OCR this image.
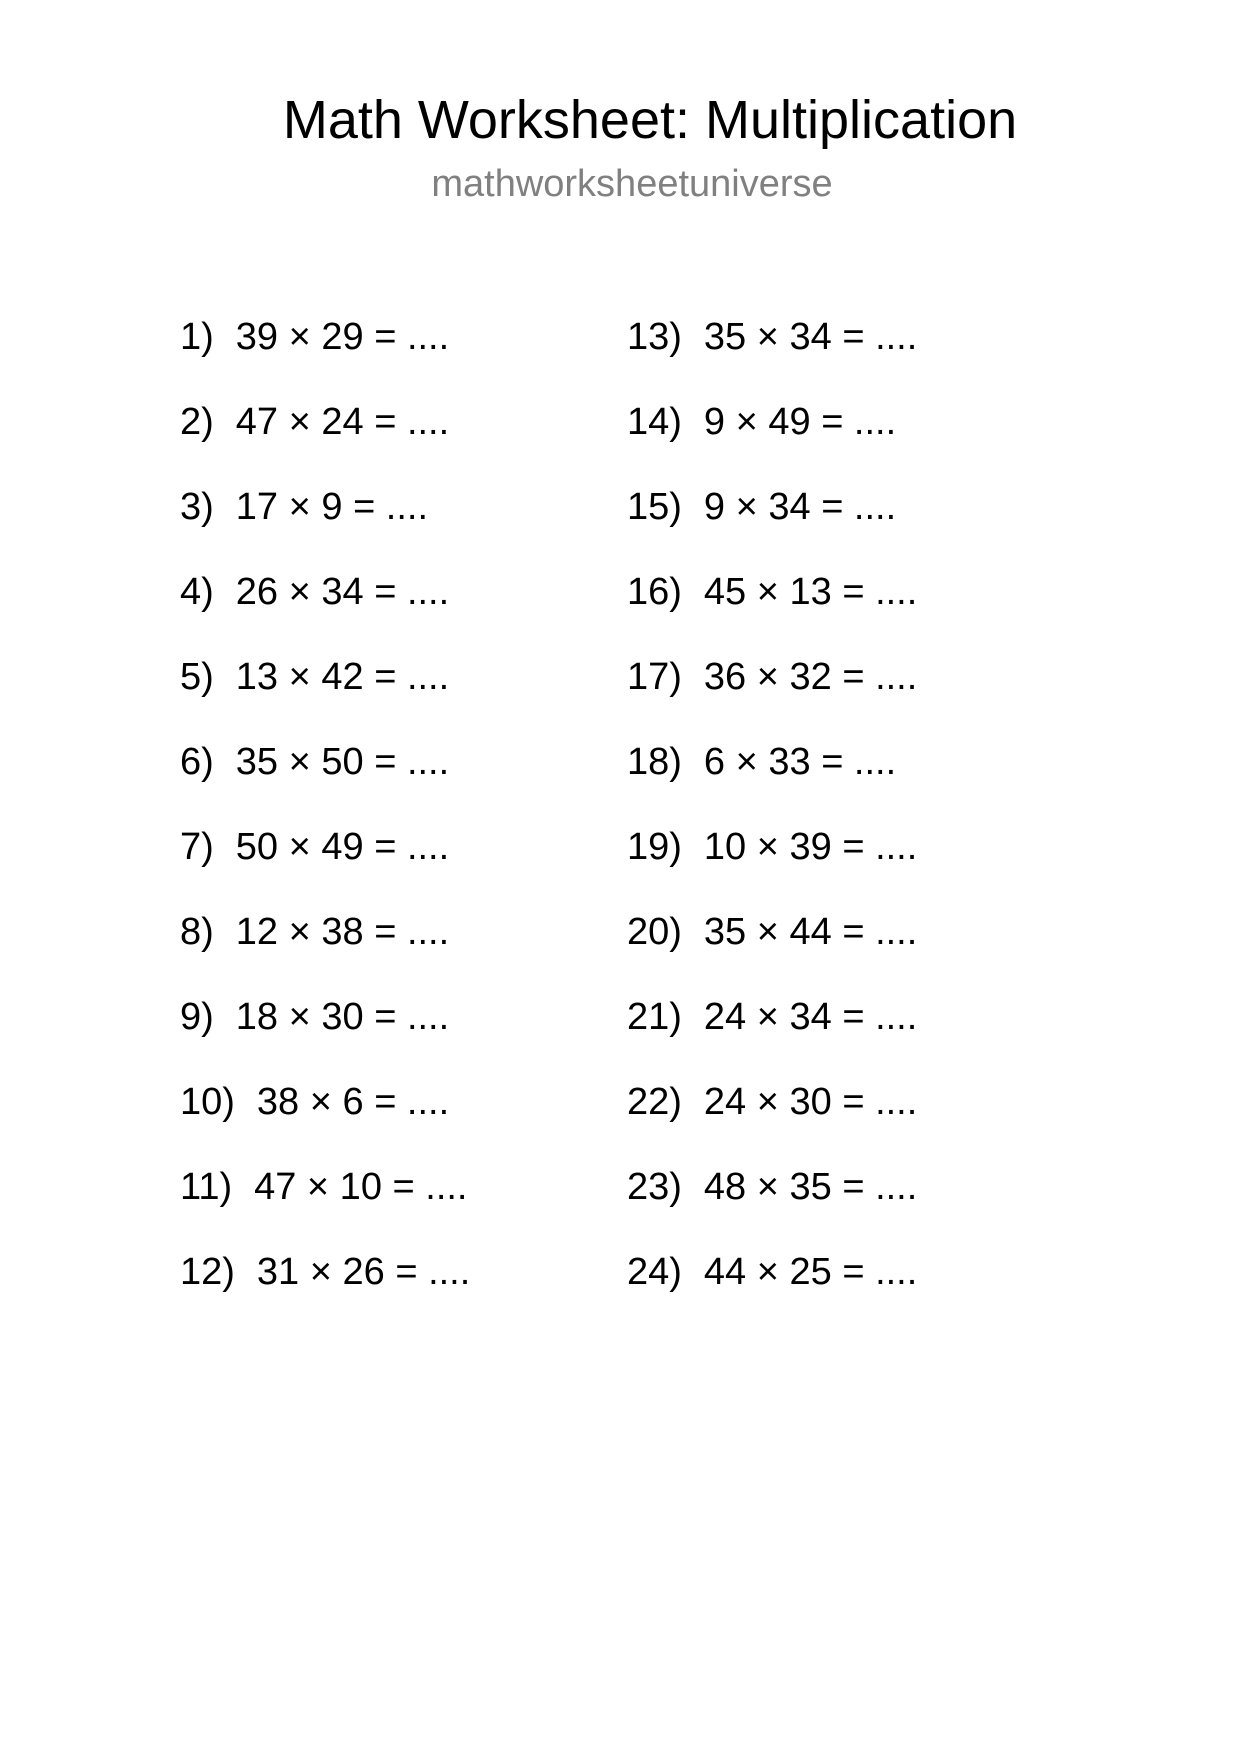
Math Worksheet: Multiplication
mathworksheetuniverse
1) 39 × 29 = ....
2) 47 × 24 = ....
3) 17 × 9 = ....
4) 26 × 34 = ....
5) 13 × 42 = ....
6) 35 × 50 = ....
7) 50 × 49 = ....
8) 12 × 38 = ....
9) 18 × 30 = ....
10) 38 × 6 = ....
11) 47 × 10 = ....
12) 31 × 26 = ....
13) 35 × 34 = ....
14) 9 × 49 = ....
15) 9 × 34 = ....
16) 45 × 13 = ....
17) 36 × 32 = ....
18) 6 × 33 = ....
19) 10 × 39 = ....
20) 35 × 44 = ....
21) 24 × 34 = ....
22) 24 × 30 = ....
23) 48 × 35 = ....
24) 44 × 25 = ....
